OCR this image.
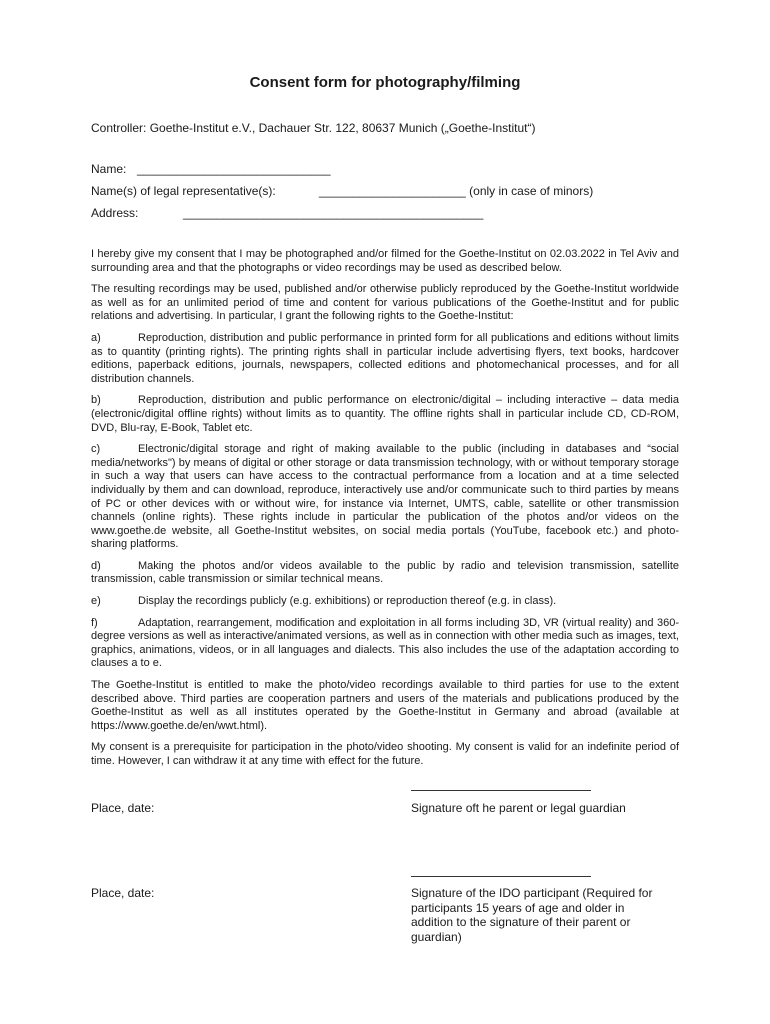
Consent form for photography/filming
Controller: Goethe-Institut e.V., Dachauer Str. 122, 80637 Munich („Goethe-Institut“)
Name: _____________________________
Name(s) of legal representative(s):	______________________ (only in case of minors)
Address:	_____________________________________________

I hereby give my consent that I may be photographed and/or filmed for the Goethe-Institut on 02.03.2022 in Tel Aviv and surrounding area and that the photographs or video recordings may be used as described below.

The resulting recordings may be used, published and/or otherwise publicly reproduced by the Goethe-Institut worldwide as well as for an unlimited period of time and content for various publications of the Goethe-Institut and for public relations and advertising. In particular, I grant the following rights to the Goethe-Institut:

a)	Reproduction, distribution and public performance in printed form for all publications and editions without limits as to quantity (printing rights). The printing rights shall in particular include advertising flyers, text books, hardcover editions, paperback editions, journals, newspapers, collected editions and photomechanical processes, and for all distribution channels.
b)	Reproduction, distribution and public performance on electronic/digital – including interactive – data media (electronic/digital offline rights) without limits as to quantity. The offline rights shall in particular include CD, CD-ROM, DVD, Blu-ray, E-Book, Tablet etc.
c)	Electronic/digital storage and right of making available to the public (including in databases and “social media/networks") by means of digital or other storage or data transmission technology, with or without temporary storage in such a way that users can have access to the contractual performance from a location and at a time selected individually by them and can download, reproduce, interactively use and/or communicate such to third parties by means of PC or other devices with or without wire, for instance via Internet, UMTS, cable, satellite or other transmission channels (online rights). These rights include in particular the publication of the photos and/or videos on the www.goethe.de website, all Goethe-Institut websites, on social media portals (YouTube, facebook etc.) and photo-sharing platforms.
d)	Making the photos and/or videos available to the public by radio and television transmission, satellite transmission, cable transmission or similar technical means.
e)	Display the recordings publicly (e.g. exhibitions) or reproduction thereof (e.g. in class).
f)	Adaptation, rearrangement, modification and exploitation in all forms including 3D, VR (virtual reality) and 360-degree versions as well as interactive/animated versions, as well as in connection with other media such as images, text, graphics, animations, videos, or in all languages and dialects. This also includes the use of the adaptation according to clauses a to e.

The Goethe-Institut is entitled to make the photo/video recordings available to third parties for use to the extent described above. Third parties are cooperation partners and users of the materials and publications produced by the Goethe-Institut as well as all institutes operated by the Goethe-Institut in Germany and abroad (available at https://www.goethe.de/en/wwt.html).

My consent is a prerequisite for participation in the photo/video shooting. My consent is valid for an indefinite period of time. However, I can withdraw it at any time with effect for the future.

Place, date:	Signature oft he parent or legal guardian
Place, date:	Signature of the IDO participant (Required for participants 15 years of age and older in addition to the signature of their parent or guardian)
